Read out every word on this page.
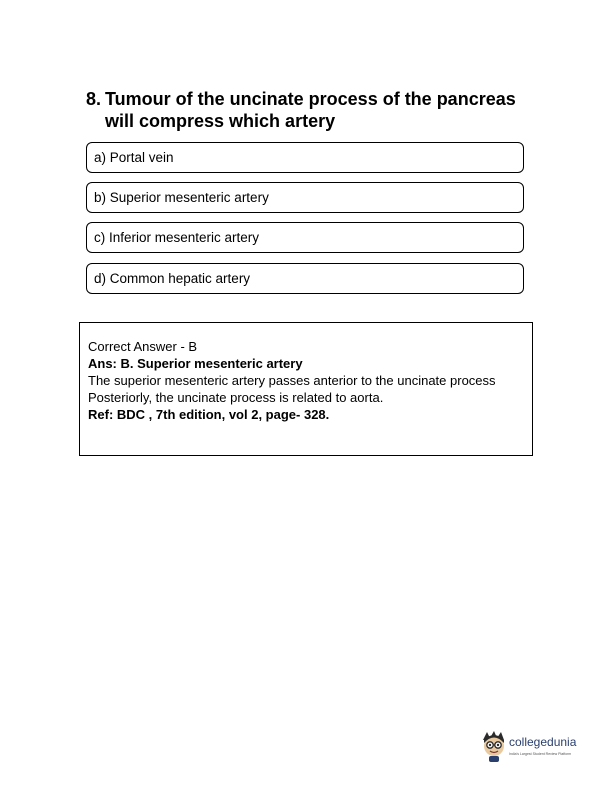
8. Tumour of the uncinate process of the pancreas will compress which artery
a) Portal vein
b) Superior mesenteric artery
c) Inferior mesenteric artery
d) Common hepatic artery
Correct Answer - B
Ans: B. Superior mesenteric artery
The superior mesenteric artery passes anterior to the uncinate process
Posteriorly, the uncinate process is related to aorta.
Ref: BDC , 7th edition, vol 2, page- 328.
collegedunia
India's Largest Student Review Platform
